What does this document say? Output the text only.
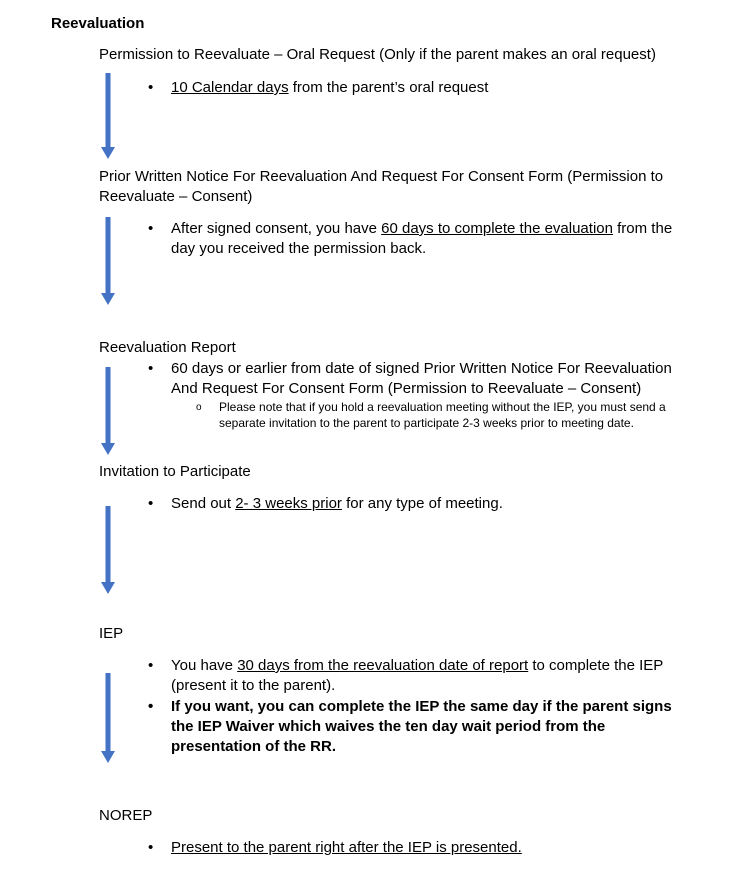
Reevaluation
Permission to Reevaluate – Oral Request (Only if the parent makes an oral request)
•	10 Calendar days from the parent’s oral request
Prior Written Notice For Reevaluation And Request For Consent Form (Permission to
Reevaluate – Consent)
•	After signed consent, you have 60 days to complete the evaluation from the
day you received the permission back.
Reevaluation Report
•	60 days or earlier from date of signed Prior Written Notice For Reevaluation
And Request For Consent Form (Permission to Reevaluate – Consent)
o Please note that if you hold a reevaluation meeting without the IEP, you must send a
separate invitation to the parent to participate 2-3 weeks prior to meeting date.
Invitation to Participate
•	Send out 2- 3 weeks prior for any type of meeting.
IEP
•	You have 30 days from the reevaluation date of report to complete the IEP
(present it to the parent).
•	If you want, you can complete the IEP the same day if the parent signs
the IEP Waiver which waives the ten day wait period from the
presentation of the RR.
NOREP
•	Present to the parent right after the IEP is presented.
